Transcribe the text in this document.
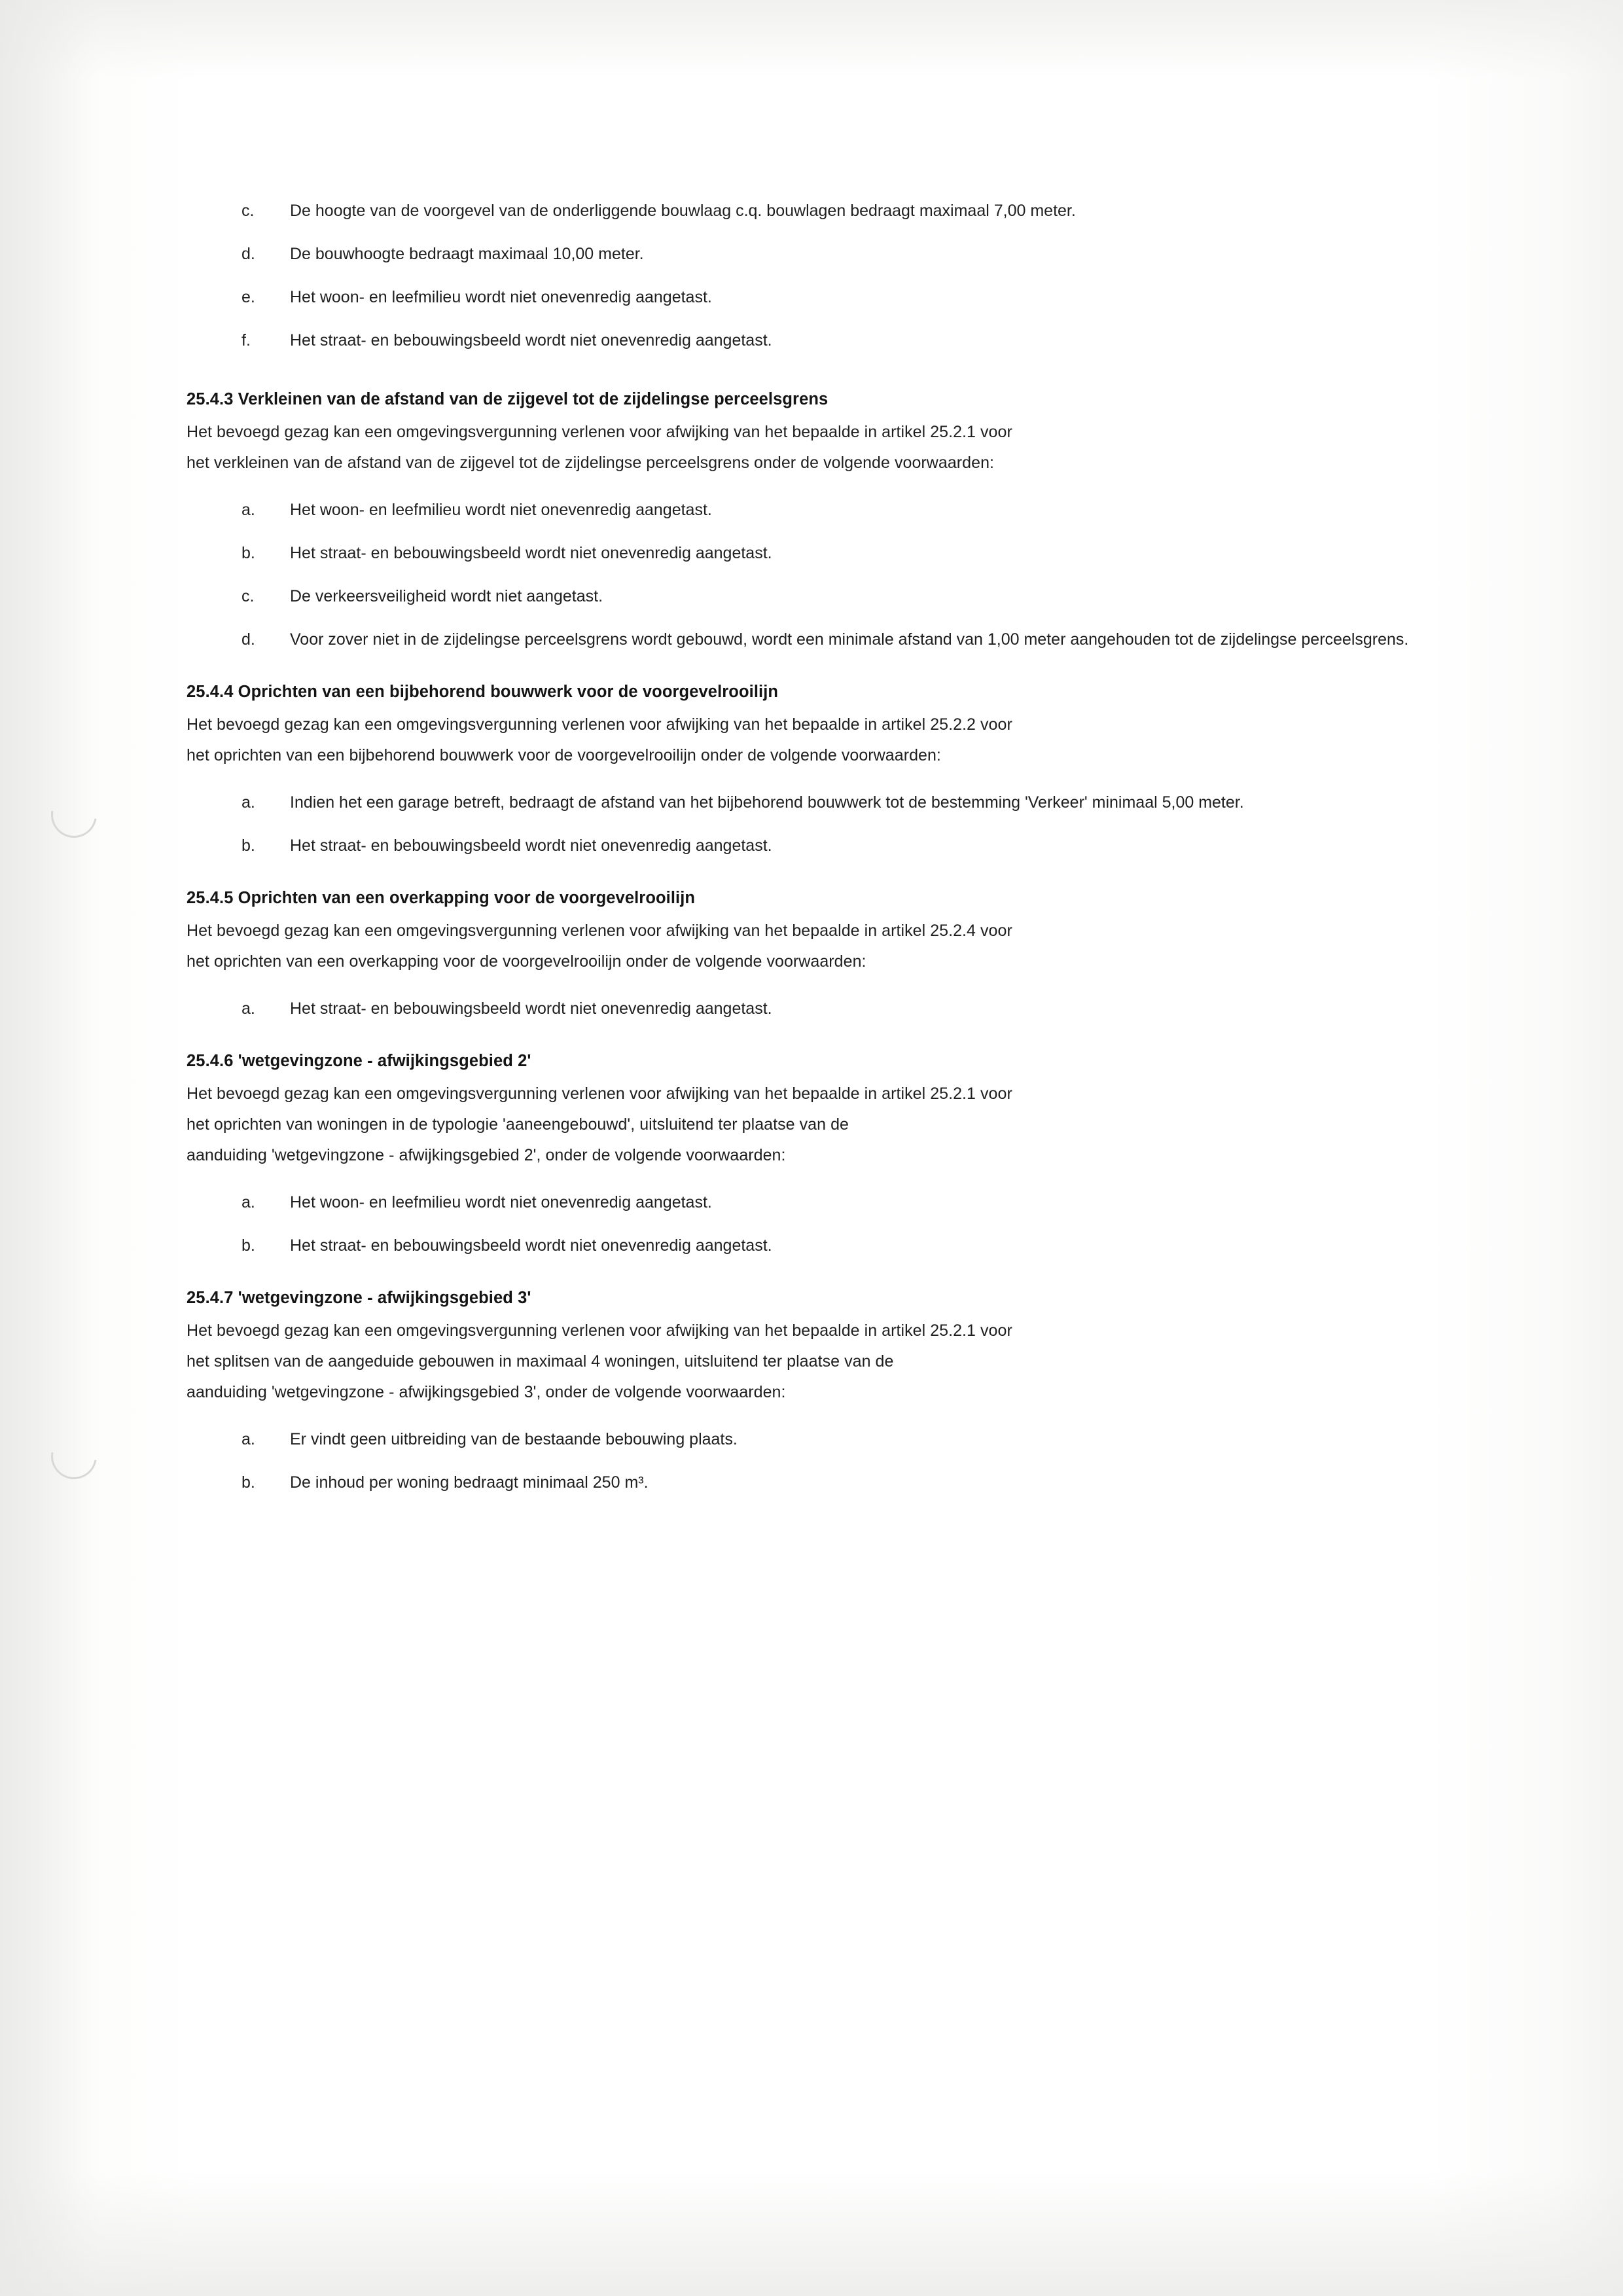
c.	De hoogte van de voorgevel van de onderliggende bouwlaag c.q. bouwlagen bedraagt maximaal 7,00 meter.
d.	De bouwhoogte bedraagt maximaal 10,00 meter.
e.	Het woon- en leefmilieu wordt niet onevenredig aangetast.
f.	Het straat- en bebouwingsbeeld wordt niet onevenredig aangetast.
25.4.3 Verkleinen van de afstand van de zijgevel tot de zijdelingse perceelsgrens

Het bevoegd gezag kan een omgevingsvergunning verlenen voor afwijking van het bepaalde in artikel 25.2.1 voor

het verkleinen van de afstand van de zijgevel tot de zijdelingse perceelsgrens onder de volgende voorwaarden:

a.	Het woon- en leefmilieu wordt niet onevenredig aangetast.
b.	Het straat- en bebouwingsbeeld wordt niet onevenredig aangetast.
c.	De verkeersveiligheid wordt niet aangetast.
d.	Voor zover niet in de zijdelingse perceelsgrens wordt gebouwd, wordt een minimale afstand van 1,00 meter aangehouden tot de zijdelingse perceelsgrens.
25.4.4 Oprichten van een bijbehorend bouwwerk voor de voorgevelrooilijn

Het bevoegd gezag kan een omgevingsvergunning verlenen voor afwijking van het bepaalde in artikel 25.2.2 voor

het oprichten van een bijbehorend bouwwerk voor de voorgevelrooilijn onder de volgende voorwaarden:

a.	Indien het een garage betreft, bedraagt de afstand van het bijbehorend bouwwerk tot de bestemming 'Verkeer' minimaal 5,00 meter.
b.	Het straat- en bebouwingsbeeld wordt niet onevenredig aangetast.
25.4.5 Oprichten van een overkapping voor de voorgevelrooilijn

Het bevoegd gezag kan een omgevingsvergunning verlenen voor afwijking van het bepaalde in artikel 25.2.4 voor

het oprichten van een overkapping voor de voorgevelrooilijn onder de volgende voorwaarden:

a.	Het straat- en bebouwingsbeeld wordt niet onevenredig aangetast.
25.4.6 'wetgevingzone - afwijkingsgebied 2'

Het bevoegd gezag kan een omgevingsvergunning verlenen voor afwijking van het bepaalde in artikel 25.2.1 voor

het oprichten van woningen in de typologie 'aaneengebouwd', uitsluitend ter plaatse van de

aanduiding 'wetgevingzone - afwijkingsgebied 2', onder de volgende voorwaarden:

a.	Het woon- en leefmilieu wordt niet onevenredig aangetast.
b.	Het straat- en bebouwingsbeeld wordt niet onevenredig aangetast.
25.4.7 'wetgevingzone - afwijkingsgebied 3'

Het bevoegd gezag kan een omgevingsvergunning verlenen voor afwijking van het bepaalde in artikel 25.2.1 voor

het splitsen van de aangeduide gebouwen in maximaal 4 woningen, uitsluitend ter plaatse van de

aanduiding 'wetgevingzone - afwijkingsgebied 3', onder de volgende voorwaarden:

a.	Er vindt geen uitbreiding van de bestaande bebouwing plaats.
b.	De inhoud per woning bedraagt minimaal 250 m³.
